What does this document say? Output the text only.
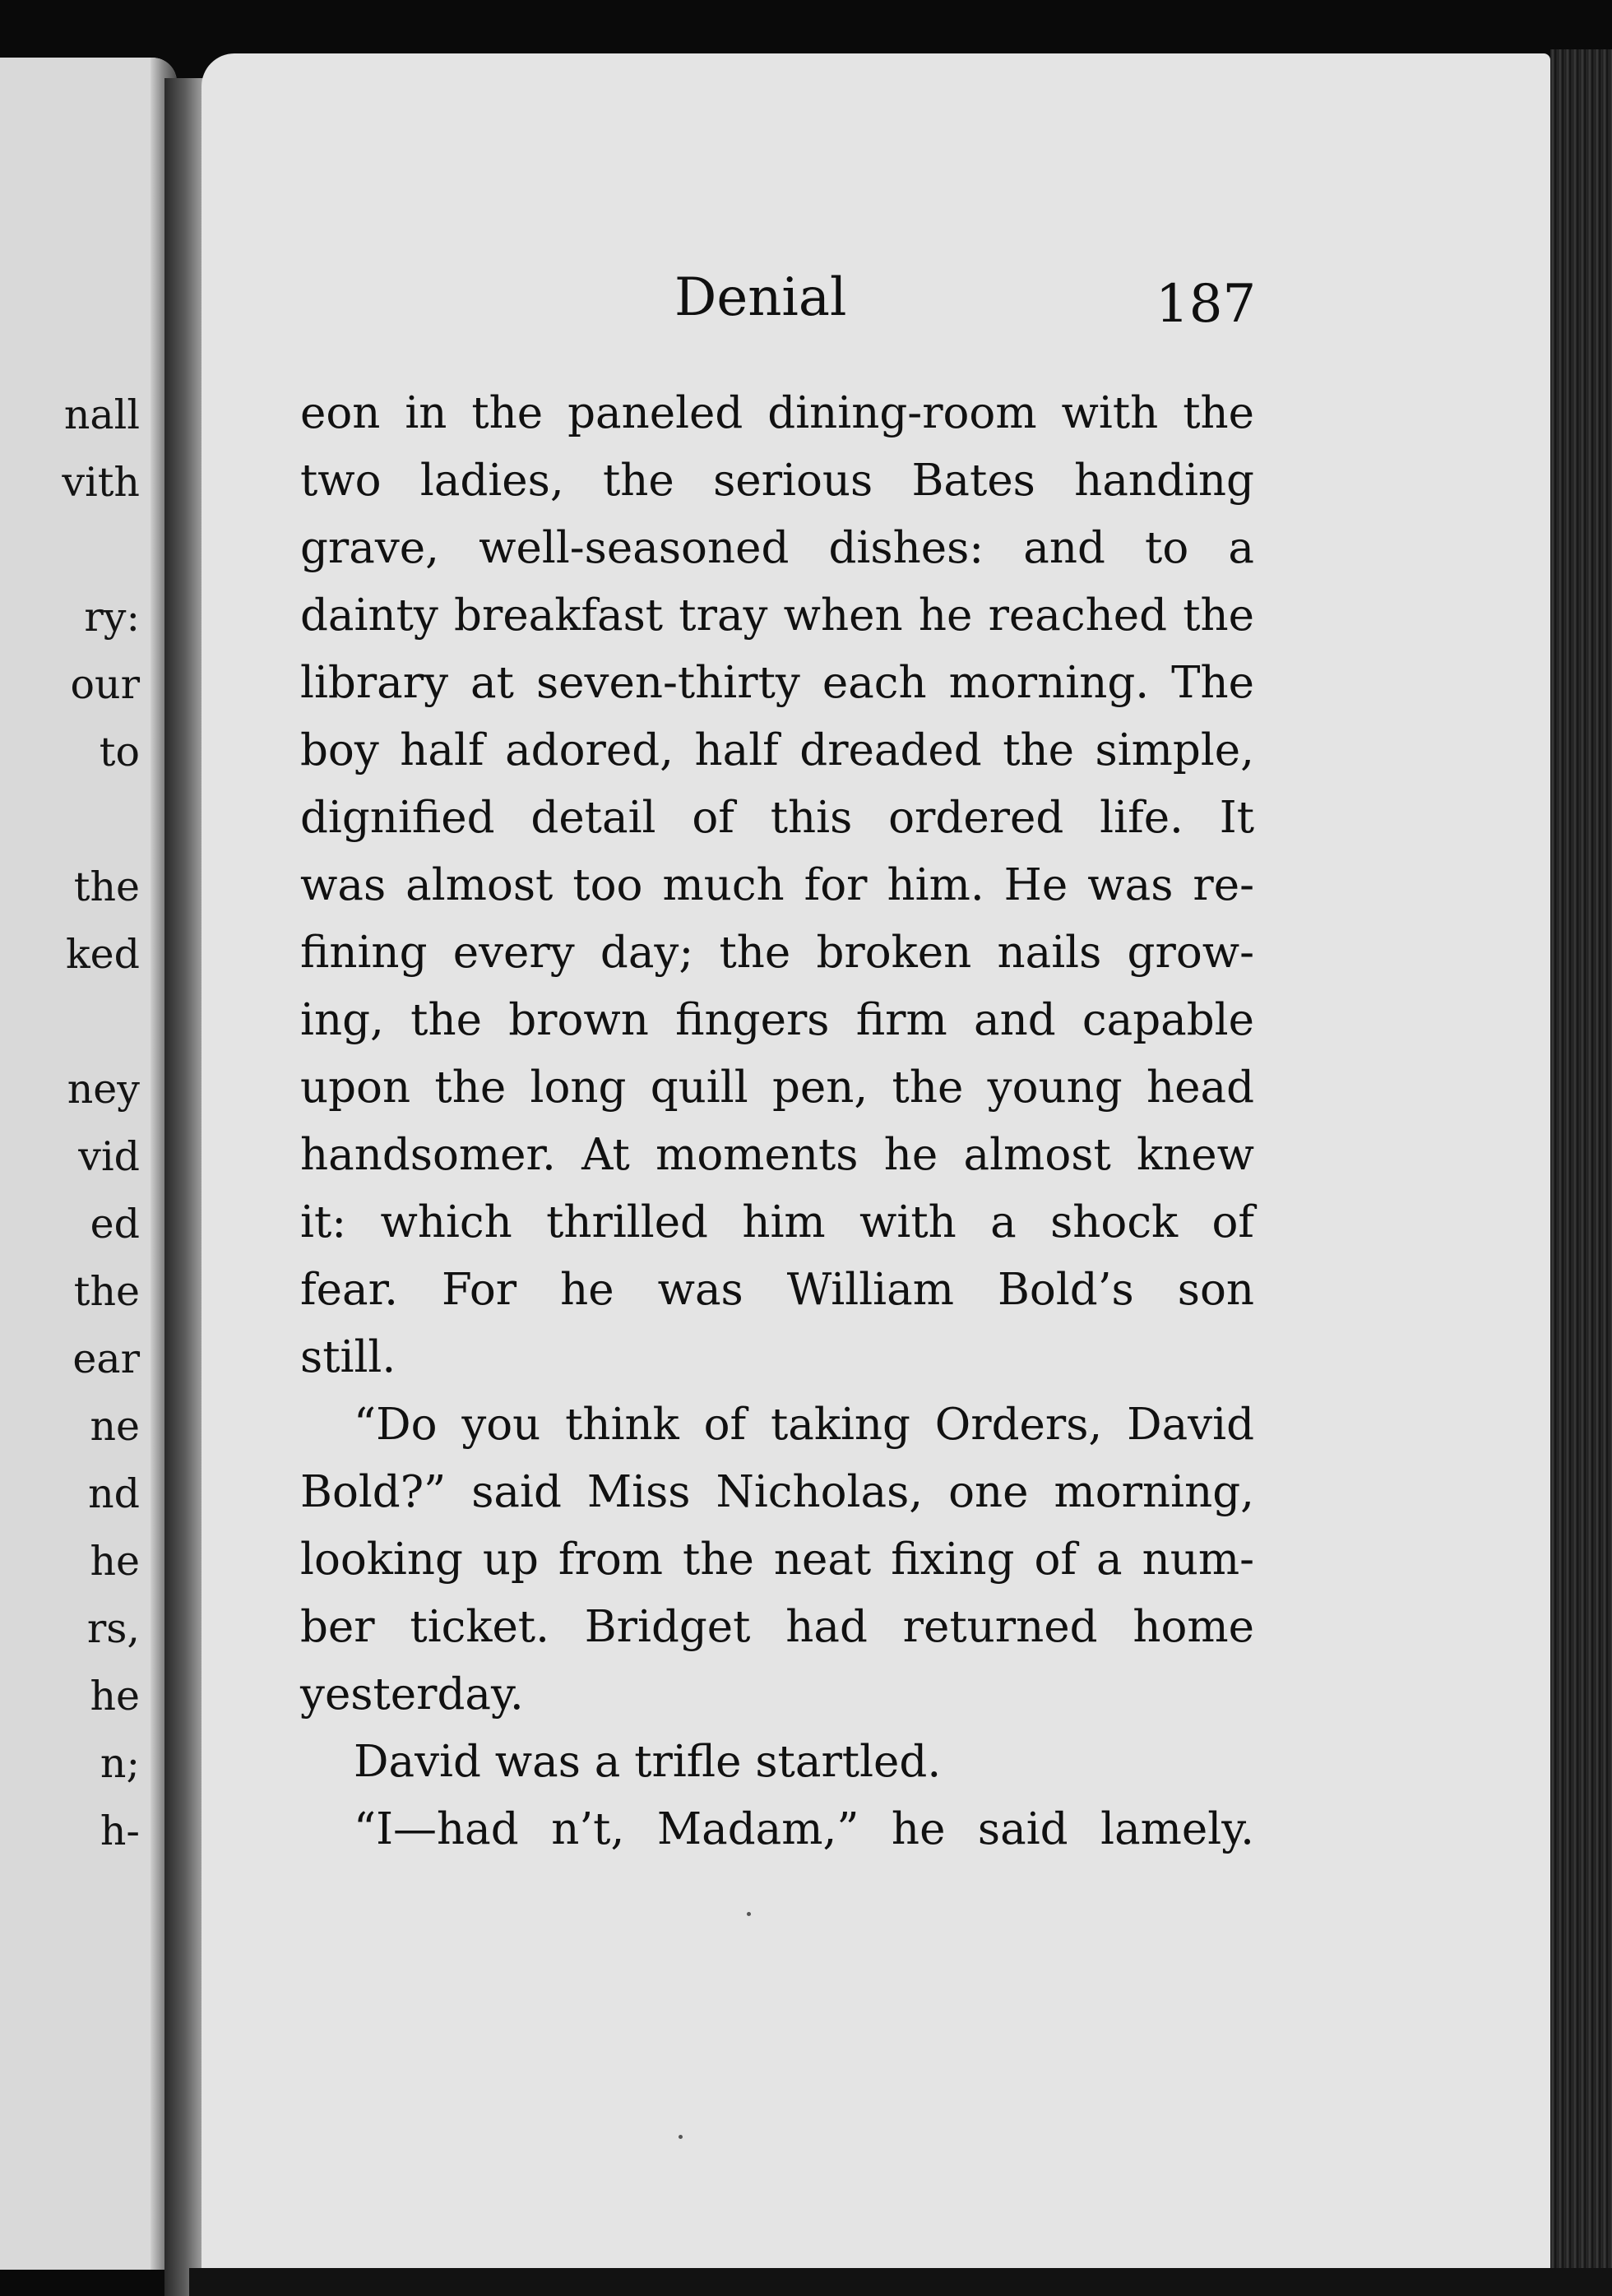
nall
vith
ry:
our
to
the
ked
ney
vid
ed
the
ear
ne
nd
he
rs,
he
n;
h-
Denial	187
eon in the paneled dining-room with the
two ladies, the serious Bates handing
grave, well-seasoned dishes: and to a
dainty breakfast tray when he reached the
library at seven-thirty each morning. The
boy half adored, half dreaded the simple,
dignified detail of this ordered life. It
was almost too much for him. He was re-
fining every day; the broken nails grow-
ing, the brown fingers firm and capable
upon the long quill pen, the young head
handsomer. At moments he almost knew
it: which thrilled him with a shock of
fear. For he was William Bold’s son
still.
“Do you think of taking Orders, David
Bold?” said Miss Nicholas, one morning,
looking up from the neat fixing of a num-
ber ticket. Bridget had returned home
yesterday.
David was a trifle startled.
“I—had n’t, Madam,” he said lamely.
